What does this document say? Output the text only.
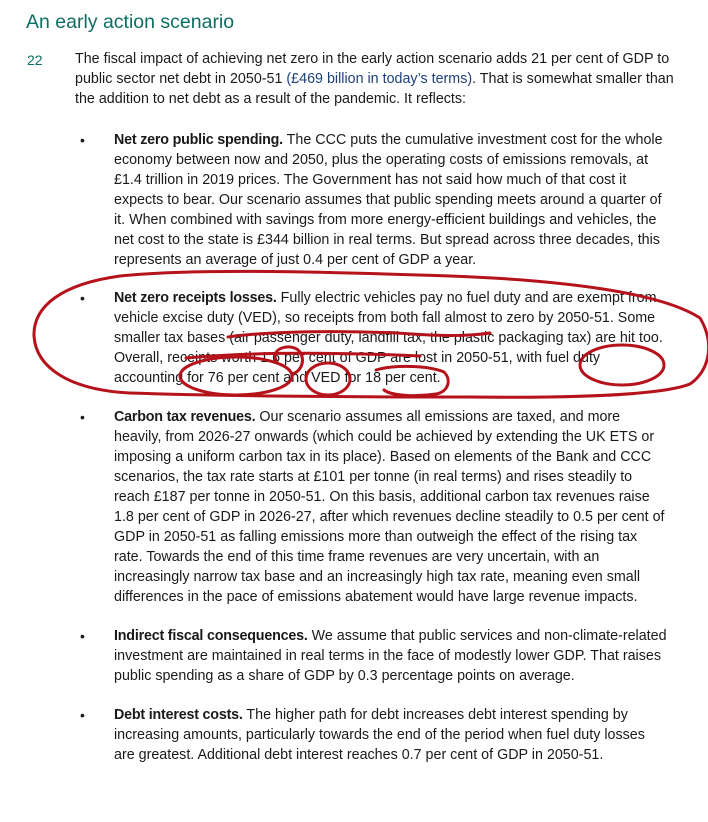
An early action scenario
22 The fiscal impact of achieving net zero in the early action scenario adds 21 per cent of GDP to public sector net debt in 2050-51 (£469 billion in today’s terms). That is somewhat smaller than the addition to net debt as a result of the pandemic. It reflects:

• Net zero public spending. The CCC puts the cumulative investment cost for the whole economy between now and 2050, plus the operating costs of emissions removals, at £1.4 trillion in 2019 prices. The Government has not said how much of that cost it expects to bear. Our scenario assumes that public spending meets around a quarter of it. When combined with savings from more energy-efficient buildings and vehicles, the net cost to the state is £344 billion in real terms. But spread across three decades, this represents an average of just 0.4 per cent of GDP a year.

• Net zero receipts losses. Fully electric vehicles pay no fuel duty and are exempt from vehicle excise duty (VED), so receipts from both fall almost to zero by 2050-51. Some smaller tax bases (air passenger duty, landfill tax, the plastic packaging tax) are hit too. Overall, receipts worth 1.6 per cent of GDP are lost in 2050-51, with fuel duty accounting for 76 per cent and VED for 18 per cent.

• Carbon tax revenues. Our scenario assumes all emissions are taxed, and more heavily, from 2026-27 onwards (which could be achieved by extending the UK ETS or imposing a uniform carbon tax in its place). Based on elements of the Bank and CCC scenarios, the tax rate starts at £101 per tonne (in real terms) and rises steadily to reach £187 per tonne in 2050-51. On this basis, additional carbon tax revenues raise 1.8 per cent of GDP in 2026-27, after which revenues decline steadily to 0.5 per cent of GDP in 2050-51 as falling emissions more than outweigh the effect of the rising tax rate. Towards the end of this time frame revenues are very uncertain, with an increasingly narrow tax base and an increasingly high tax rate, meaning even small differences in the pace of emissions abatement would have large revenue impacts.

• Indirect fiscal consequences. We assume that public services and non-climate-related investment are maintained in real terms in the face of modestly lower GDP. That raises public spending as a share of GDP by 0.3 percentage points on average.

• Debt interest costs. The higher path for debt increases debt interest spending by increasing amounts, particularly towards the end of the period when fuel duty losses are greatest. Additional debt interest reaches 0.7 per cent of GDP in 2050-51.
